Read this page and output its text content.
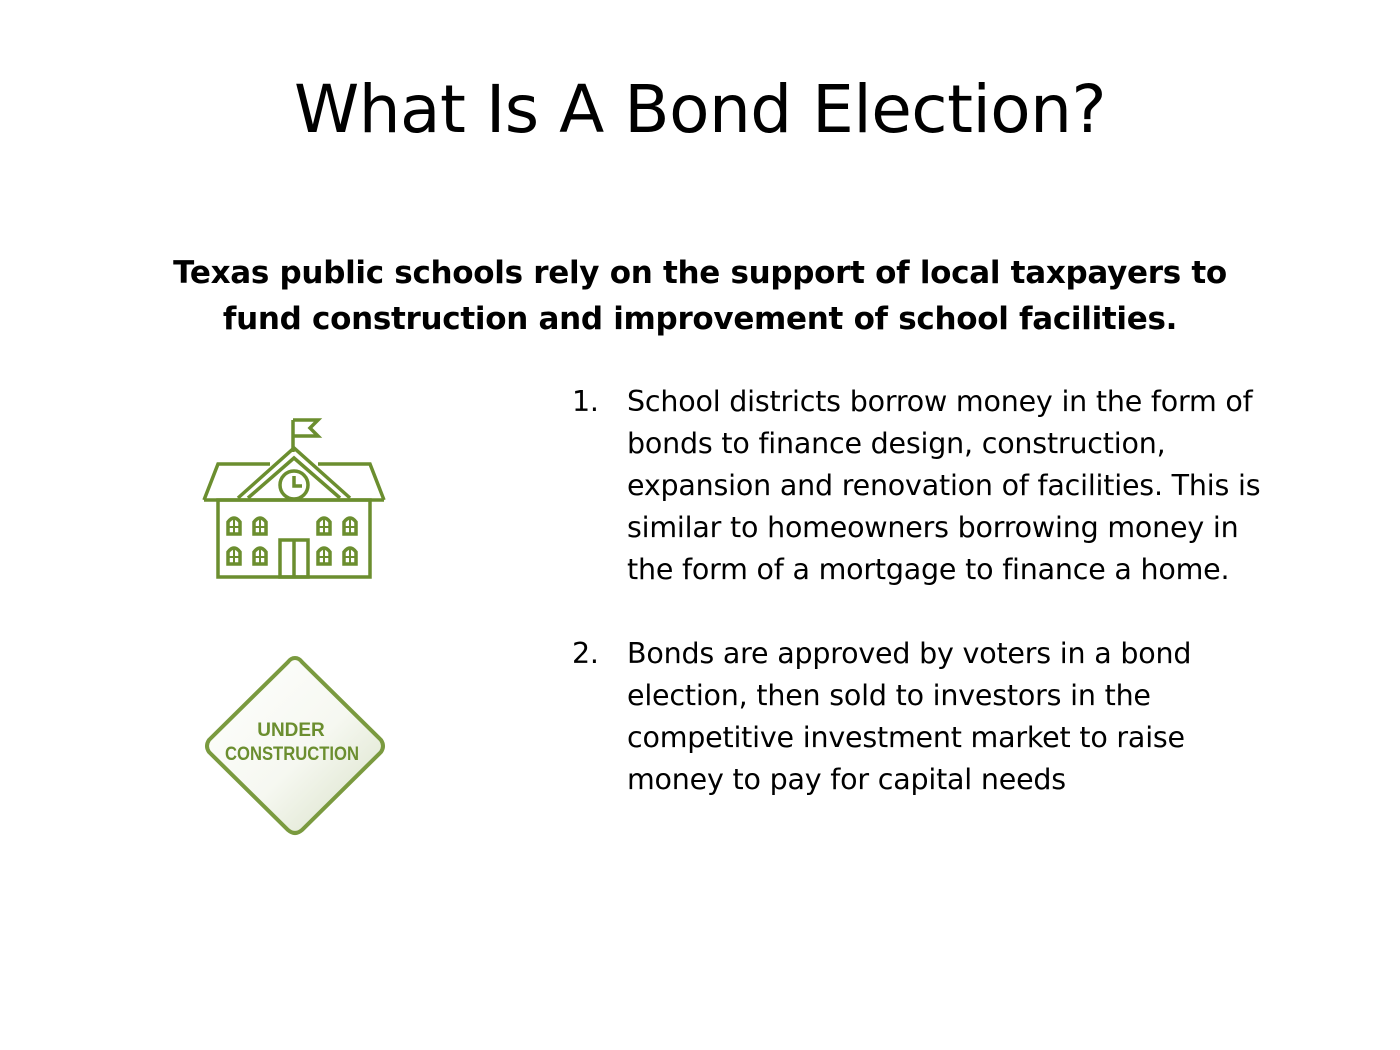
What Is A Bond Election?
Texas public schools rely on the support of local taxpayers to fund construction and improvement of school facilities.
UNDER
CONSTRUCTION
1. School districts borrow money in the form of bonds to finance design, construction, expansion and renovation of facilities. This is similar to homeowners borrowing money in the form of a mortgage to finance a home.
2. Bonds are approved by voters in a bond election, then sold to investors in the competitive investment market to raise money to pay for capital needs
